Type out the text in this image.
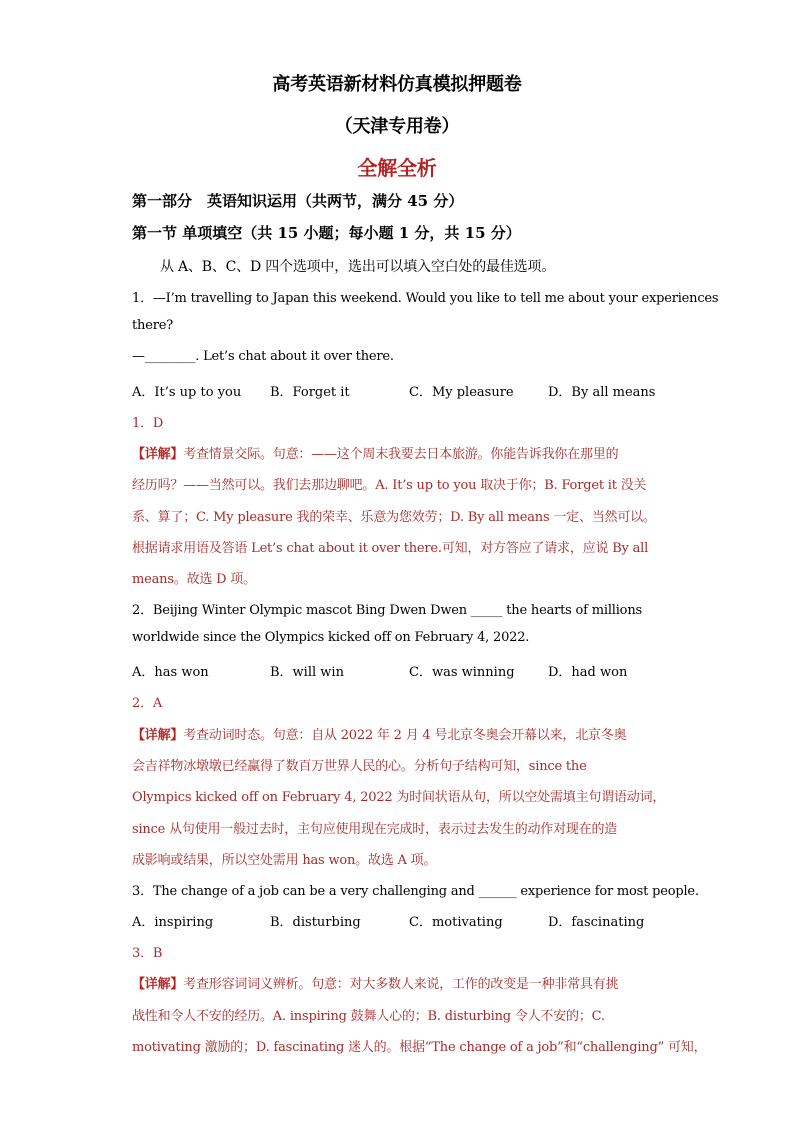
高考英语新材料仿真模拟押题卷
（天津专用卷）
全解全析
第一部分　英语知识运用（共两节，满分 45 分）
第一节 单项填空（共 15 小题；每小题 1 分，共 15 分）
从 A、B、C、D 四个选项中，选出可以填入空白处的最佳选项。
1．—I’m travelling to Japan this weekend. Would you like to tell me about your experiences
there?
—________. Let’s chat about it over there.
A．It’s up to you B．Forget it	C．My pleasure	D．By all means
1．D
【详解】考查情景交际。句意：——这个周末我要去日本旅游。你能告诉我你在那里的
经历吗？——当然可以。我们去那边聊吧。A. It’s up to you 取决于你；B. Forget it 没关
系、算了；C. My pleasure 我的荣幸、乐意为您效劳；D. By all means 一定、当然可以。
根据请求用语及答语 Let’s chat about it over there.可知，对方答应了请求，应说 By all
means。故选 D 项。
2．Beijing Winter Olympic mascot Bing Dwen Dwen _____ the hearts of millions
worldwide since the Olympics kicked off on February 4, 2022.
A．has won	B．will win	C．was winning	D．had won
2．A
【详解】考查动词时态。句意：自从 2022 年 2 月 4 号北京冬奥会开幕以来，北京冬奥
会吉祥物冰墩墩已经赢得了数百万世界人民的心。分析句子结构可知，since the
Olympics kicked off on February 4, 2022 为时间状语从句，所以空处需填主句谓语动词，
since 从句使用一般过去时，主句应使用现在完成时，表示过去发生的动作对现在的造
成影响或结果，所以空处需用 has won。故选 A 项。
3．The change of a job can be a very challenging and ______ experience for most people.
A．inspiring	B．disturbing	C．motivating	D．fascinating
3．B
【详解】考查形容词词义辨析。句意：对大多数人来说，工作的改变是一种非常具有挑
战性和令人不安的经历。A. inspiring 鼓舞人心的；B. disturbing 令人不安的；C.
motivating 激励的；D. fascinating 迷人的。根据“The change of a job”和“challenging” 可知，
